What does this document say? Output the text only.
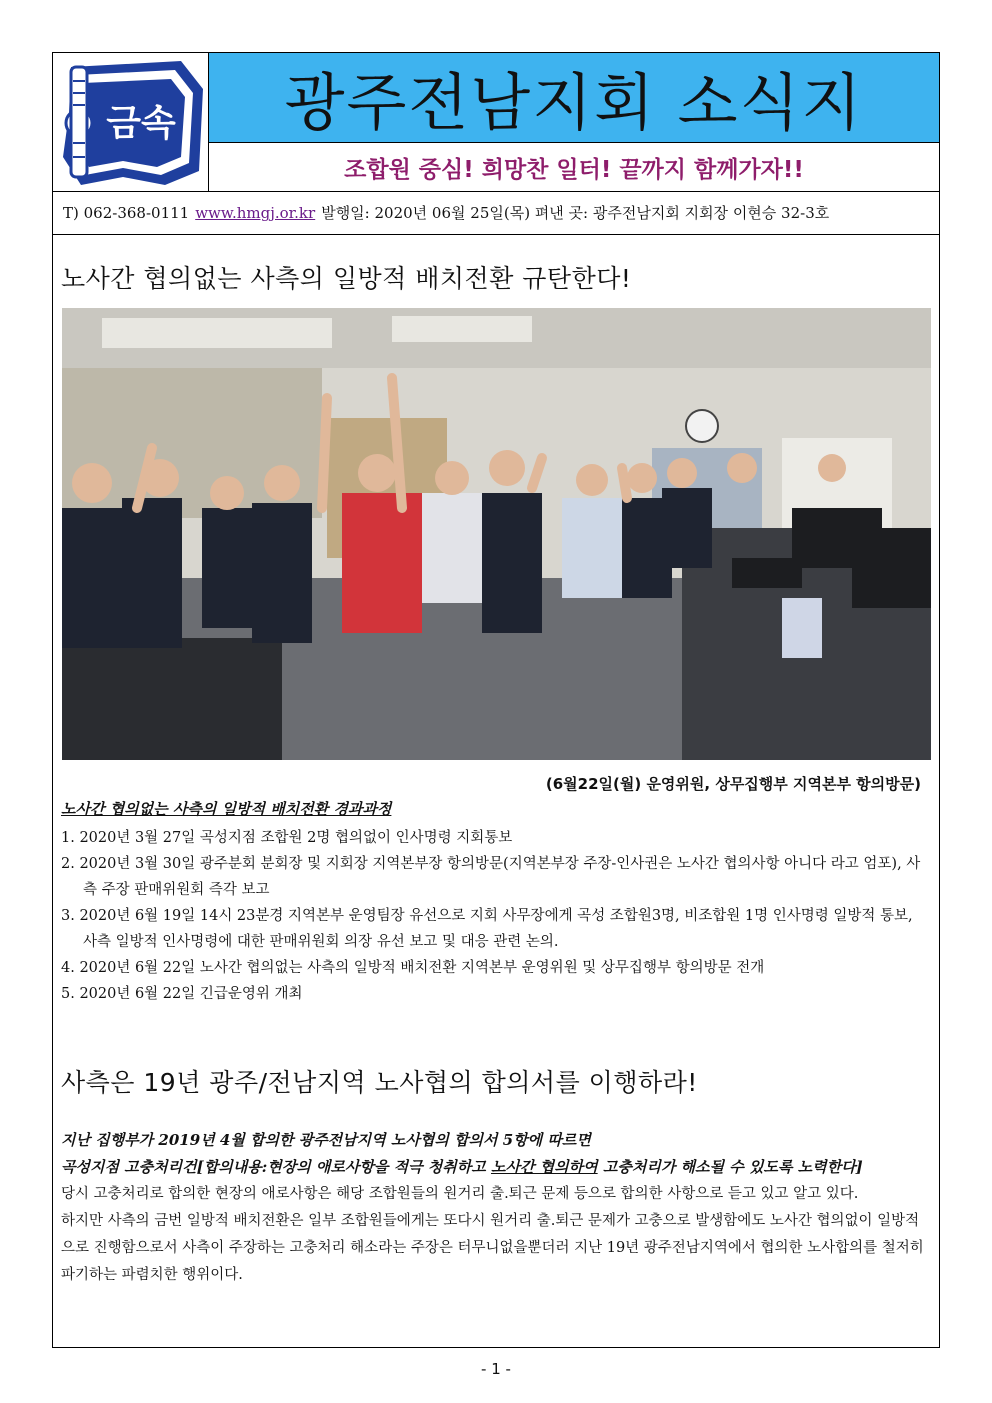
금속 광주전남지회 소식지
조합원 중심! 희망찬 일터! 끝까지 함께가자!!
T) 062-368-0111 www.hmgj.or.kr 발행일: 2020년 06월 25일(목) 펴낸 곳: 광주전남지회 지회장 이현승 32-3호
노사간 협의없는 사측의 일방적 배치전환 규탄한다!
(6월22일(월) 운영위원, 상무집행부 지역본부 항의방문)
노사간 협의없는 사측의 일방적 배치전환 경과과정
1. 2020년 3월 27일 곡성지점 조합원 2명 협의없이 인사명령 지회통보
2. 2020년 3월 30일 광주분회 분회장 및 지회장 지역본부장 항의방문(지역본부장 주장-인사권은 노사간 협의사항 아니다 라고 엄포), 사측 주장 판매위원회 즉각 보고
3. 2020년 6월 19일 14시 23분경 지역본부 운영팀장 유선으로 지회 사무장에게 곡성 조합원3명, 비조합원 1명 인사명령 일방적 통보,
사측 일방적 인사명령에 대한 판매위원회 의장 유선 보고 및 대응 관련 논의.
4. 2020년 6월 22일 노사간 협의없는 사측의 일방적 배치전환 지역본부 운영위원 및 상무집행부 항의방문 전개
5. 2020년 6월 22일 긴급운영위 개최
사측은 19년 광주/전남지역 노사협의 합의서를 이행하라!

지난 집행부가 2019년 4월 합의한 광주전남지역 노사협의 합의서 5항에 따르면

곡성지점 고충처리건[합의내용:현장의 애로사항을 적극 청취하고 노사간 협의하여 고충처리가 해소될 수 있도록 노력한다]

당시 고충처리로 합의한 현장의 애로사항은 해당 조합원들의 원거리 출.퇴근 문제 등으로 합의한 사항으로 듣고 있고 알고 있다.

하지만 사측의 금번 일방적 배치전환은 일부 조합원들에게는 또다시 원거리 출.퇴근 문제가 고충으로 발생함에도 노사간 협의없이 일방적으로 진행함으로서 사측이 주장하는 고충처리 해소라는 주장은 터무니없을뿐더러 지난 19년 광주전남지역에서 협의한 노사합의를 철저히 파기하는 파렴치한 행위이다.

- 1 -
